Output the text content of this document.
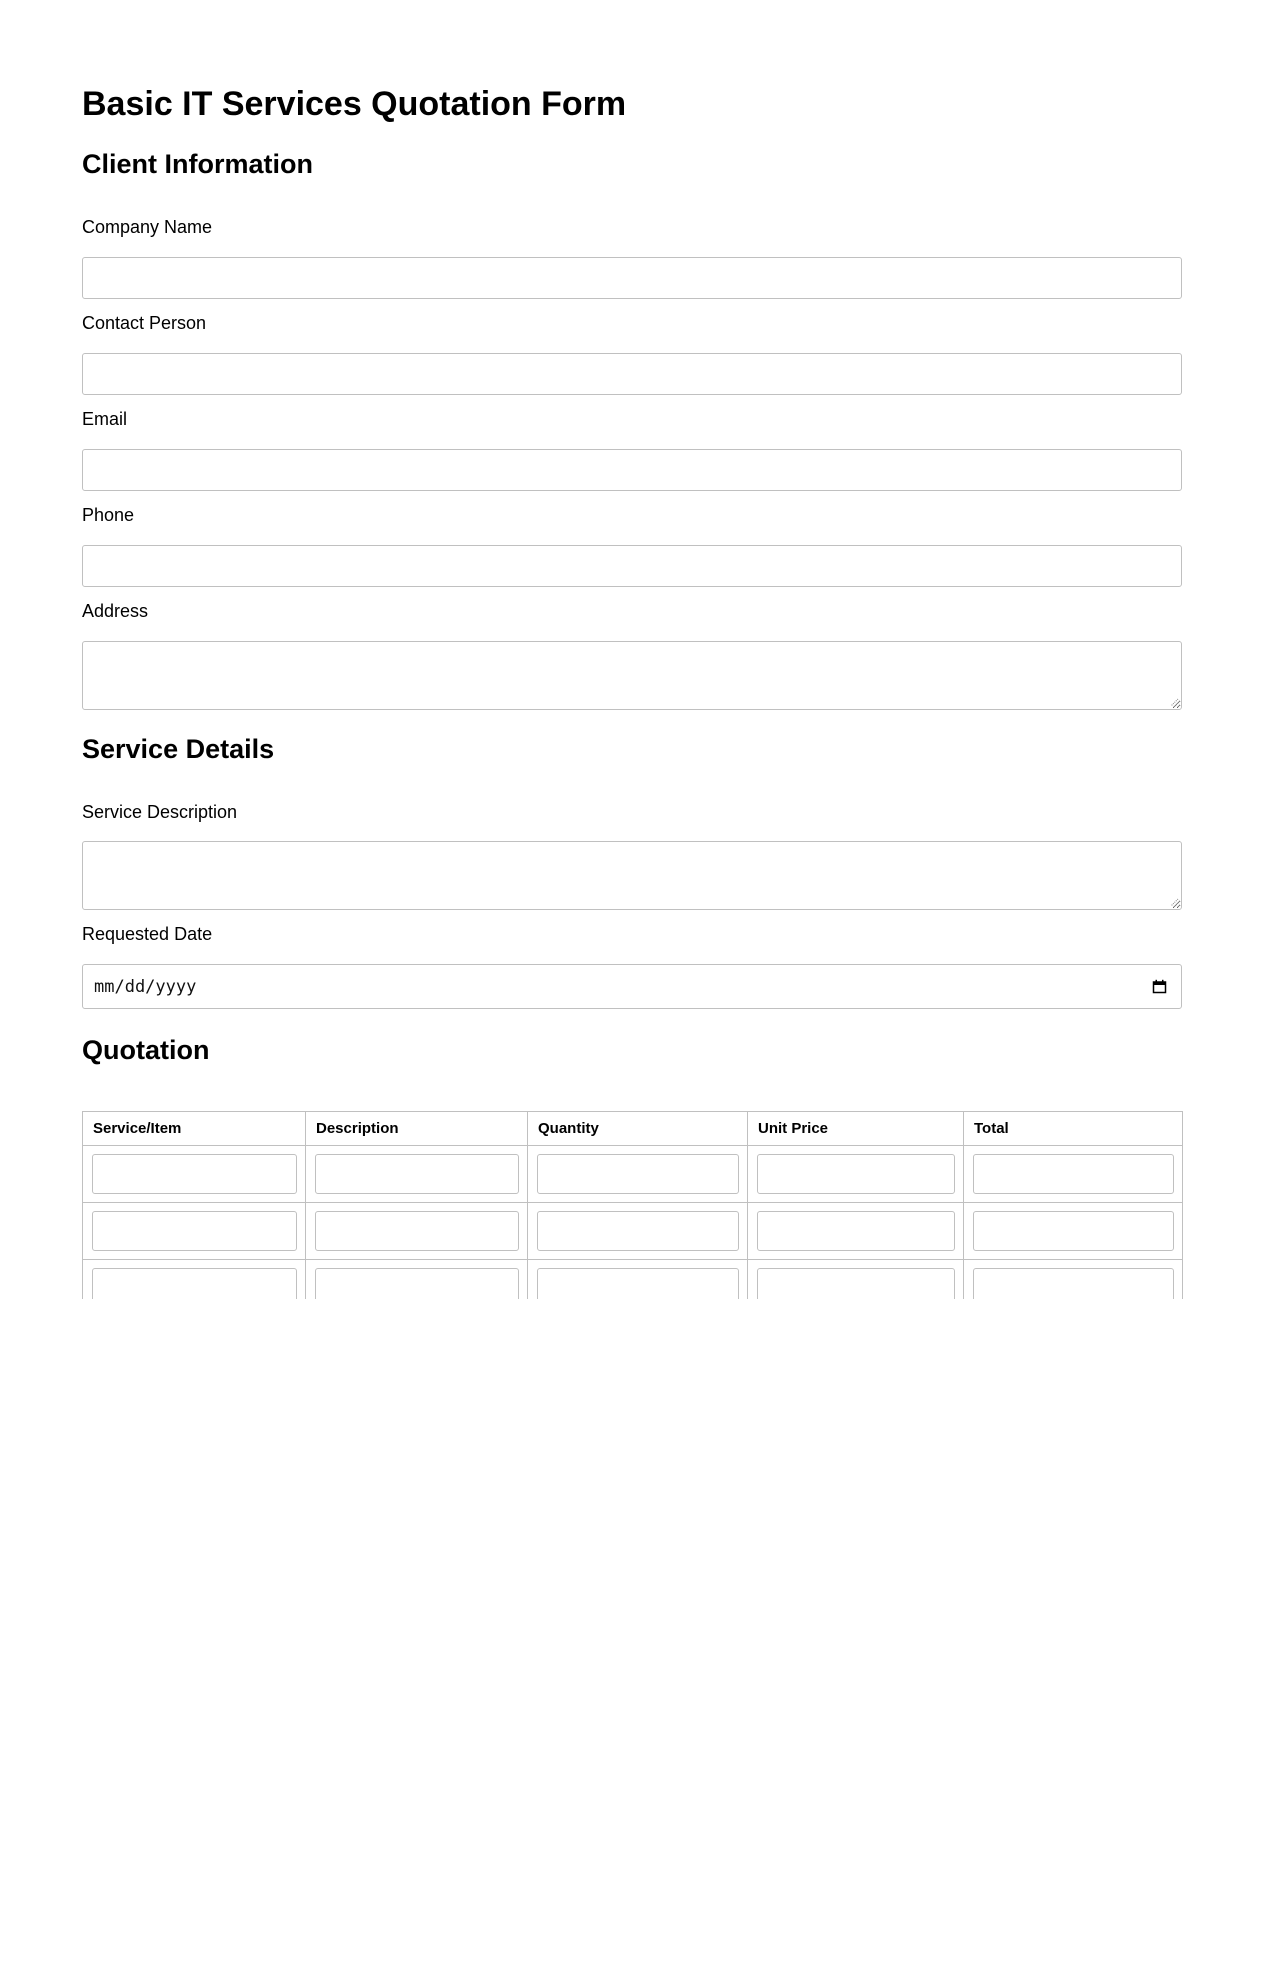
Basic IT Services Quotation Form
Client Information
Company Name
Contact Person
Email
Phone
Address
Service Details
Service Description
Requested Date
mm/dd/yyyy
Quotation
Service/Item	Description	Quantity	Unit Price	Total
